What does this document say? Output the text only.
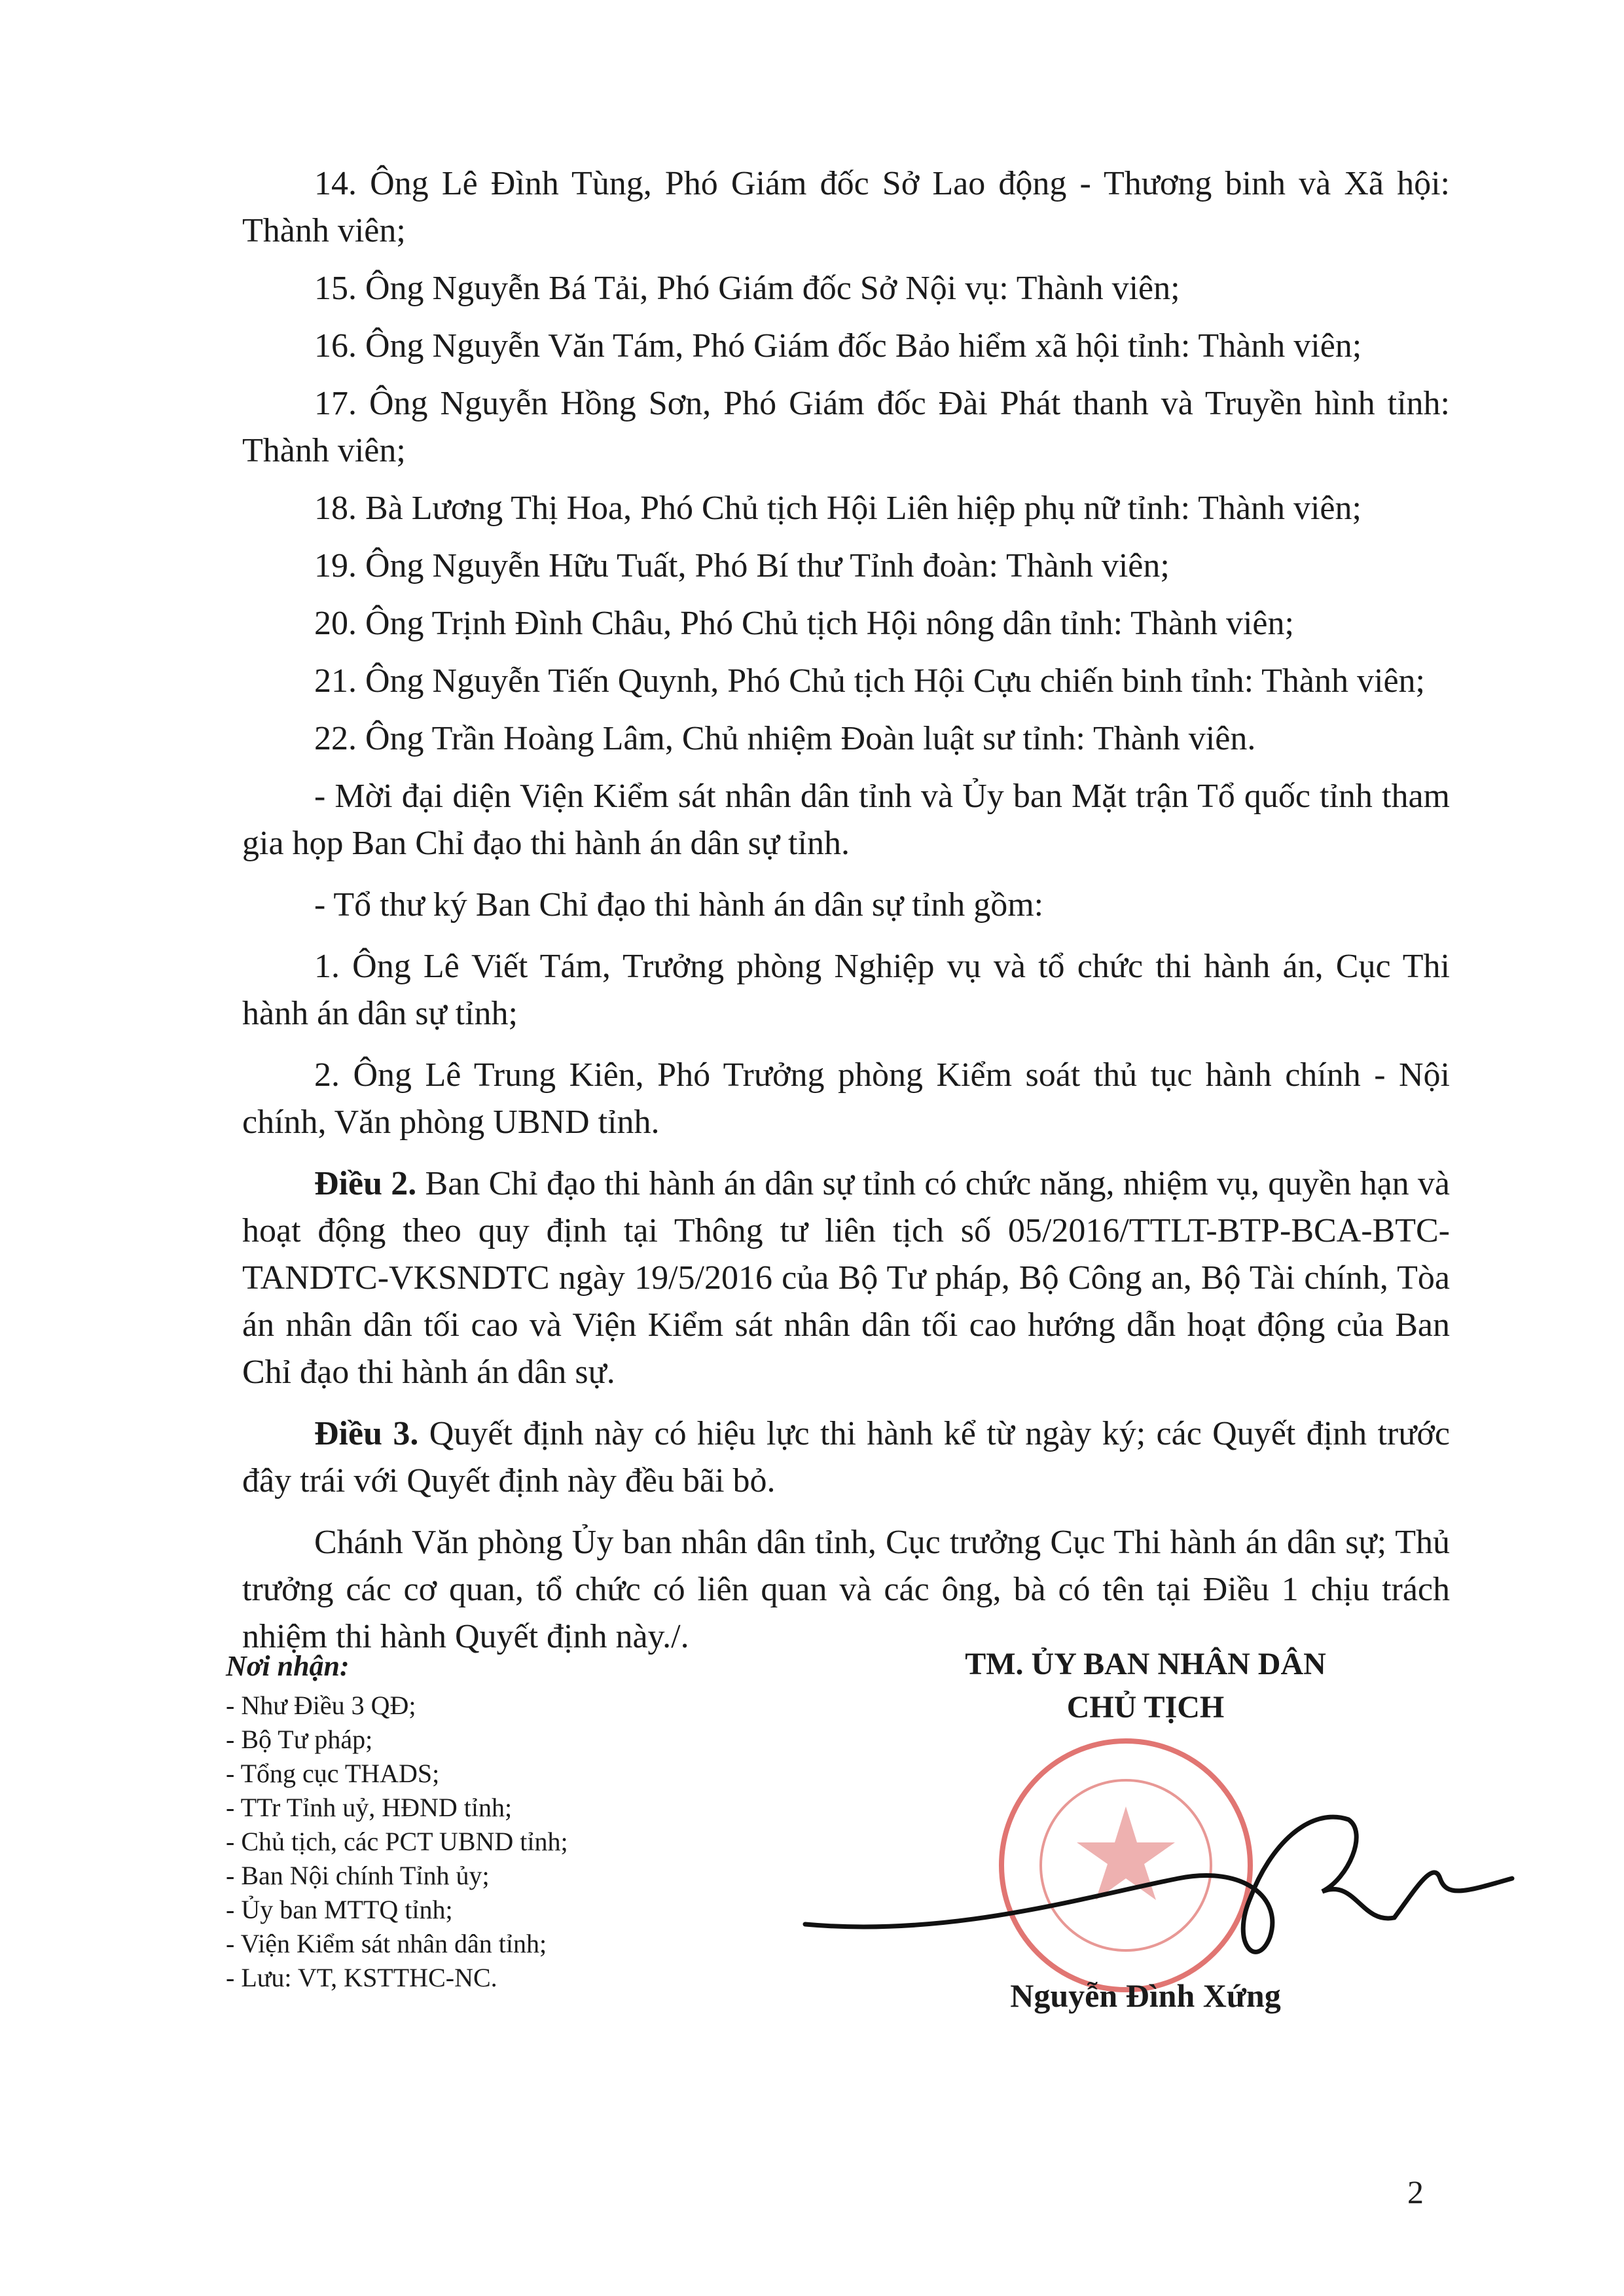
14. Ông Lê Đình Tùng, Phó Giám đốc Sở Lao động - Thương binh và Xã hội: Thành viên;

15. Ông Nguyễn Bá Tải, Phó Giám đốc Sở Nội vụ: Thành viên;

16. Ông Nguyễn Văn Tám, Phó Giám đốc Bảo hiểm xã hội tỉnh: Thành viên;

17. Ông Nguyễn Hồng Sơn, Phó Giám đốc Đài Phát thanh và Truyền hình tỉnh: Thành viên;

18. Bà Lương Thị Hoa, Phó Chủ tịch Hội Liên hiệp phụ nữ tỉnh: Thành viên;

19. Ông Nguyễn Hữu Tuất, Phó Bí thư Tỉnh đoàn: Thành viên;

20. Ông Trịnh Đình Châu, Phó Chủ tịch Hội nông dân tỉnh: Thành viên;

21. Ông Nguyễn Tiến Quynh, Phó Chủ tịch Hội Cựu chiến binh tỉnh: Thành viên;

22. Ông Trần Hoàng Lâm, Chủ nhiệm Đoàn luật sư tỉnh: Thành viên.

- Mời đại diện Viện Kiểm sát nhân dân tỉnh và Ủy ban Mặt trận Tổ quốc tỉnh tham gia họp Ban Chỉ đạo thi hành án dân sự tỉnh.

- Tổ thư ký Ban Chỉ đạo thi hành án dân sự tỉnh gồm:

1. Ông Lê Viết Tám, Trưởng phòng Nghiệp vụ và tổ chức thi hành án, Cục Thi hành án dân sự tỉnh;

2. Ông Lê Trung Kiên, Phó Trưởng phòng Kiểm soát thủ tục hành chính - Nội chính, Văn phòng UBND tỉnh.

Điều 2. Ban Chỉ đạo thi hành án dân sự tỉnh có chức năng, nhiệm vụ, quyền hạn và hoạt động theo quy định tại Thông tư liên tịch số 05/2016/TTLT-BTP-BCA-BTC-TANDTC-VKSNDTC ngày 19/5/2016 của Bộ Tư pháp, Bộ Công an, Bộ Tài chính, Tòa án nhân dân tối cao và Viện Kiểm sát nhân dân tối cao hướng dẫn hoạt động của Ban Chỉ đạo thi hành án dân sự.

Điều 3. Quyết định này có hiệu lực thi hành kể từ ngày ký; các Quyết định trước đây trái với Quyết định này đều bãi bỏ.

Chánh Văn phòng Ủy ban nhân dân tỉnh, Cục trưởng Cục Thi hành án dân sự; Thủ trưởng các cơ quan, tổ chức có liên quan và các ông, bà có tên tại Điều 1 chịu trách nhiệm thi hành Quyết định này./.

Nơi nhận:
- Như Điều 3 QĐ;
- Bộ Tư pháp;
- Tổng cục THADS;
- TTr Tỉnh uỷ, HĐND tỉnh;
- Chủ tịch, các PCT UBND tỉnh;
- Ban Nội chính Tỉnh ủy;
- Ủy ban MTTQ tỉnh;
- Viện Kiểm sát nhân dân tỉnh;
- Lưu: VT, KSTTHC-NC.
TM. ỦY BAN NHÂN DÂN
CHỦ TỊCH
Nguyễn Đình Xứng
2
